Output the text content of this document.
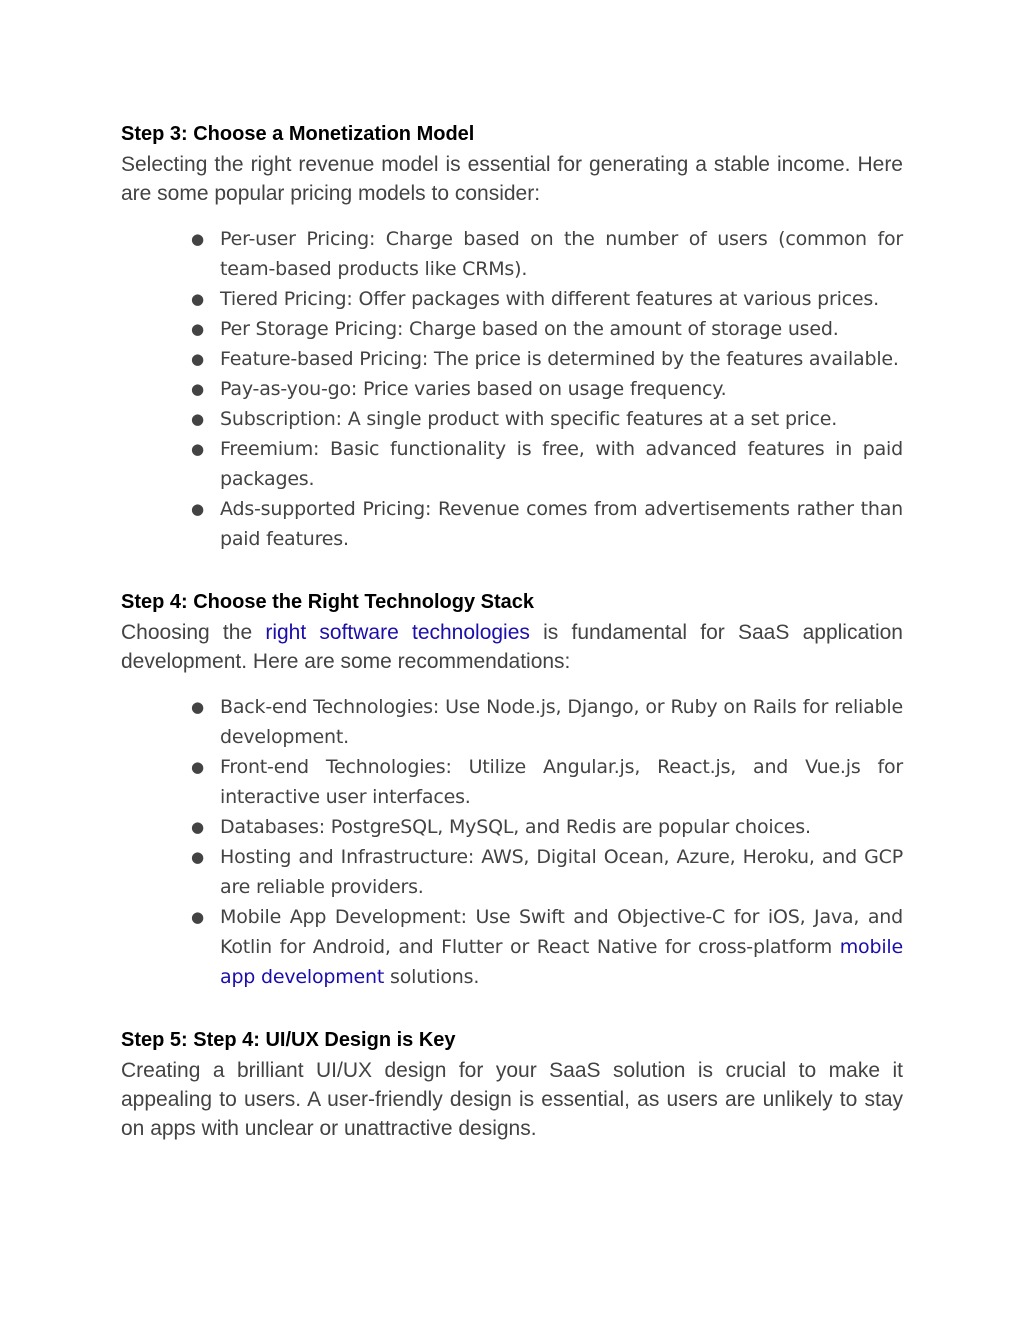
Step 3: Choose a Monetization Model

Selecting the right revenue model is essential for generating a stable income. Here are some popular pricing models to consider:

● Per-user Pricing: Charge based on the number of users (common for team-based products like CRMs).
● Tiered Pricing: Offer packages with different features at various prices.
● Per Storage Pricing: Charge based on the amount of storage used.
● Feature-based Pricing: The price is determined by the features available.
● Pay-as-you-go: Price varies based on usage frequency.
● Subscription: A single product with specific features at a set price.
● Freemium: Basic functionality is free, with advanced features in paid packages.
● Ads-supported Pricing: Revenue comes from advertisements rather than paid features.
Step 4: Choose the Right Technology Stack

Choosing the right software technologies is fundamental for SaaS application development. Here are some recommendations:

● Back-end Technologies: Use Node.js, Django, or Ruby on Rails for reliable development.
● Front-end Technologies: Utilize Angular.js, React.js, and Vue.js for interactive user interfaces.
● Databases: PostgreSQL, MySQL, and Redis are popular choices.
● Hosting and Infrastructure: AWS, Digital Ocean, Azure, Heroku, and GCP are reliable providers.
● Mobile App Development: Use Swift and Objective-C for iOS, Java, and Kotlin for Android, and Flutter or React Native for cross-platform mobile app development solutions.
Step 5: Step 4: UI/UX Design is Key

Creating a brilliant UI/UX design for your SaaS solution is crucial to make it appealing to users. A user-friendly design is essential, as users are unlikely to stay on apps with unclear or unattractive designs.
